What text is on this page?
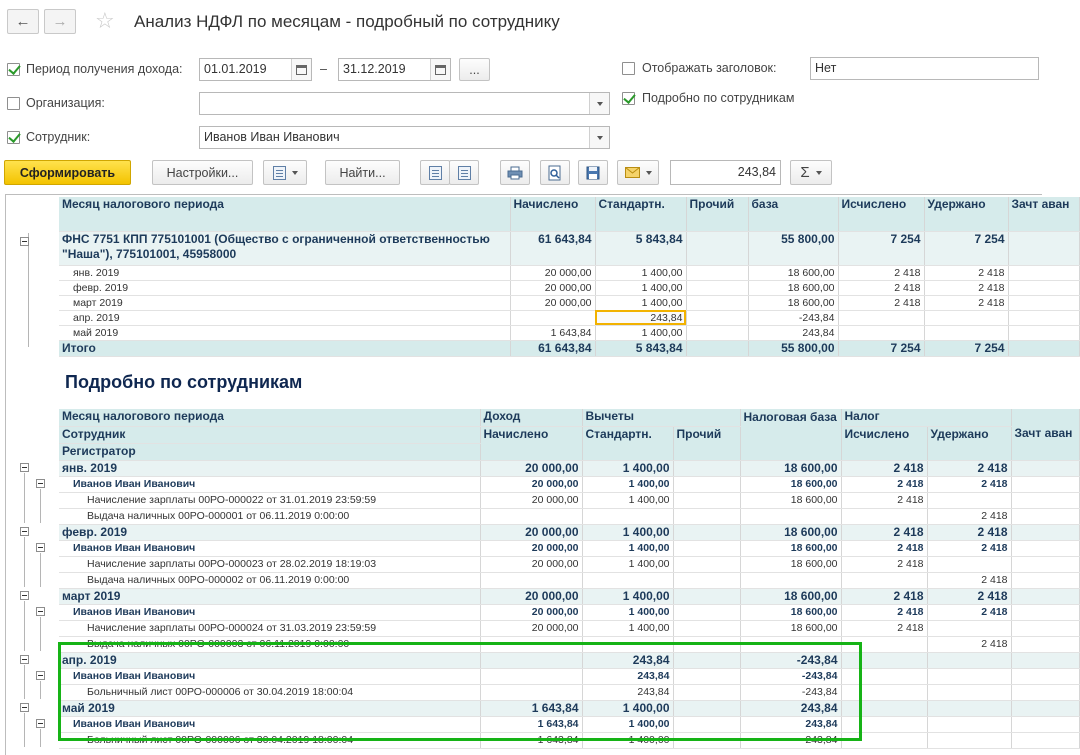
← → ☆ Анализ НДФЛ по месяцам - подробный по сотруднику
Период получения дохода:	01.01.2019	–	31.12.2019	...
Организация:
Сотрудник:	Иванов Иван Иванович
Отображать заголовок:	Нет
Подробно по сотрудникам
Сформировать	Настройки...	Найти...	243,84	Σ
Месяц налогового периода	Начислено	Стандартн.	Прочий	база	Исчислено	Удержано	Зачт аван
ФНС 7751 КПП 775101001 (Общество с ограниченной ответственностью "Наша"), 775101001, 45958000	61 643,84	5 843,84		55 800,00	7 254	7 254	
янв. 2019	20 000,00	1 400,00		18 600,00	2 418	2 418	
февр. 2019	20 000,00	1 400,00		18 600,00	2 418	2 418	
март 2019	20 000,00	1 400,00		18 600,00	2 418	2 418	
апр. 2019		243,84		-243,84			
май 2019	1 643,84	1 400,00		243,84			
Итого	61 643,84	5 843,84		55 800,00	7 254	7 254	
Месяц налогового периода	Доход	Вычеты		Налоговая база	Налог		Зачт аван
Сотрудник	Начислено	Стандартн.	Прочий		Исчислено	Удержано	
Регистратор							
янв. 2019	20 000,00	1 400,00		18 600,00	2 418	2 418	
Иванов Иван Иванович	20 000,00	1 400,00		18 600,00	2 418	2 418	
Начисление зарплаты 00РО-000022 от 31.01.2019 23:59:59	20 000,00	1 400,00		18 600,00	2 418		
Выдача наличных 00РО-000001 от 06.11.2019 0:00:00						2 418	
февр. 2019	20 000,00	1 400,00		18 600,00	2 418	2 418	
Иванов Иван Иванович	20 000,00	1 400,00		18 600,00	2 418	2 418	
Начисление зарплаты 00РО-000023 от 28.02.2019 18:19:03	20 000,00	1 400,00		18 600,00	2 418		
Выдача наличных 00РО-000002 от 06.11.2019 0:00:00						2 418	
март 2019	20 000,00	1 400,00		18 600,00	2 418	2 418	
Иванов Иван Иванович	20 000,00	1 400,00		18 600,00	2 418	2 418	
Начисление зарплаты 00РО-000024 от 31.03.2019 23:59:59	20 000,00	1 400,00		18 600,00	2 418		
Выдача наличных 00РО-000003 от 06.11.2019 0:00:00						2 418	
апр. 2019		243,84		-243,84			
Иванов Иван Иванович		243,84		-243,84			
Больничный лист 00РО-000006 от 30.04.2019 18:00:04		243,84		-243,84			
май 2019	1 643,84	1 400,00		243,84			
Иванов Иван Иванович	1 643,84	1 400,00		243,84			
Больничный лист 00РО-000006 от 30.04.2019 18:00:04	1 643,84	1 400,00		243,84			
Подробно по сотрудникам
